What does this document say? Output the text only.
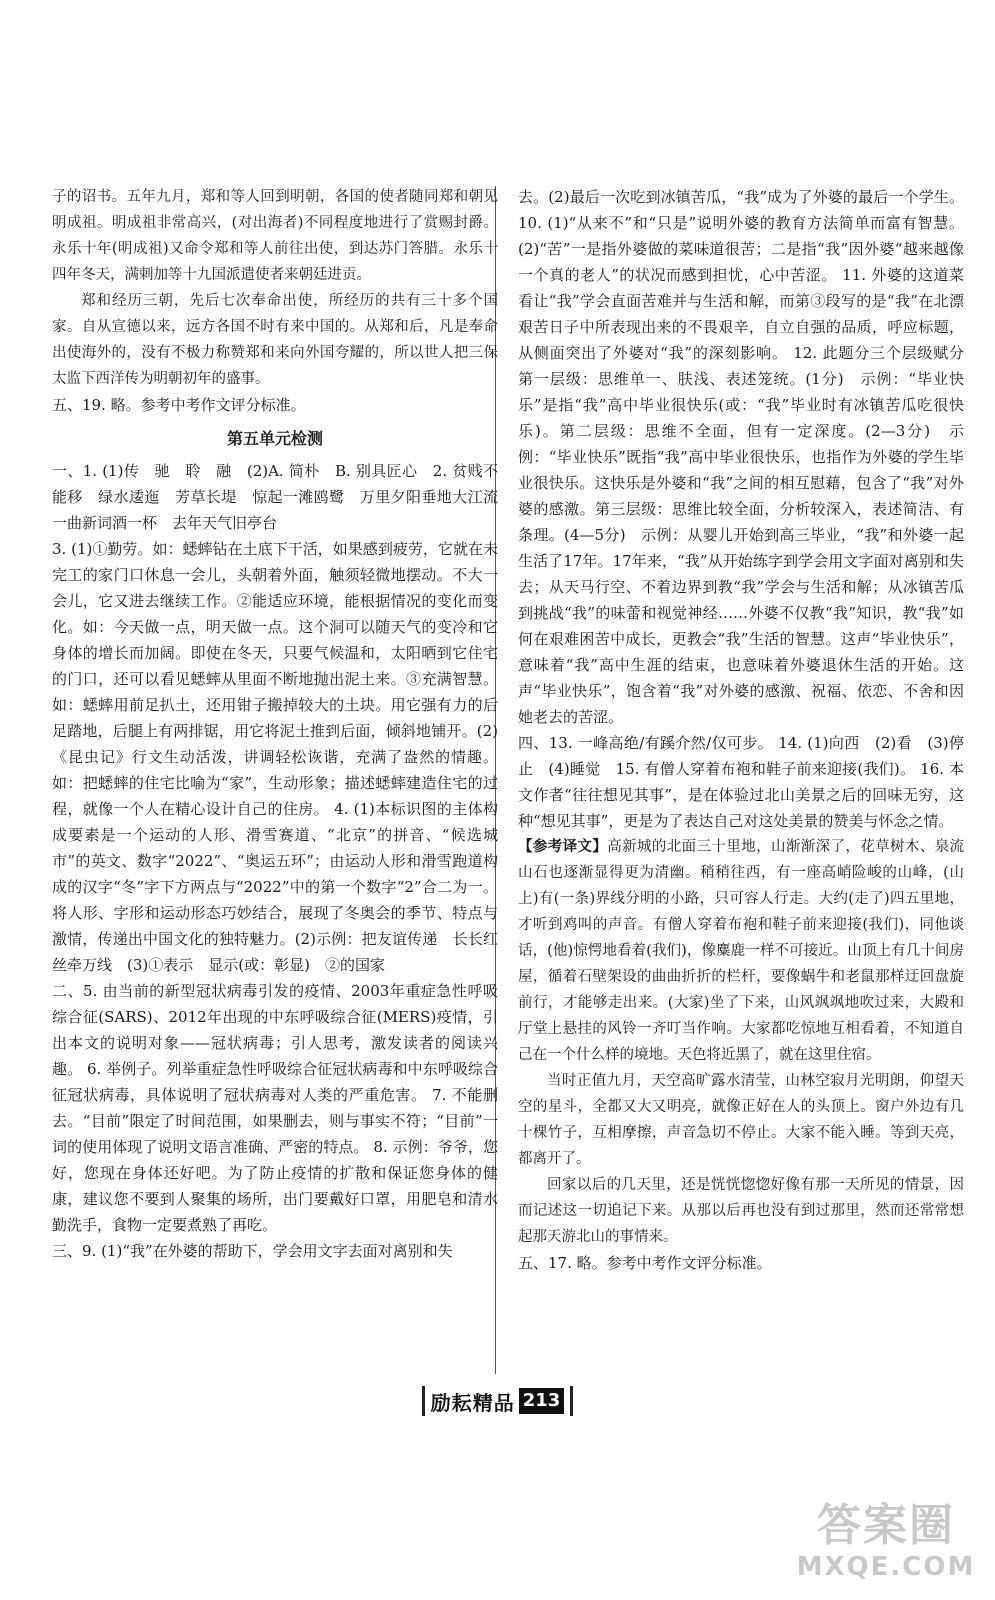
子的诏书。五年九月，郑和等人回到明朝，各国的使者随同郑和朝见明成祖。明成祖非常高兴，(对出海者)不同程度地进行了赏赐封爵。永乐十年(明成祖)又命令郑和等人前往出使，到达苏门答腊。永乐十四年冬天，满刺加等十九国派遣使者来朝廷进贡。

郑和经历三朝，先后七次奉命出使，所经历的共有三十多个国家。自从宣德以来，远方各国不时有来中国的。从郑和后，凡是奉命出使海外的，没有不极力称赞郑和来向外国夸耀的，所以世人把三保太监下西洋传为明朝初年的盛事。

五、19. 略。参考中考作文评分标准。

第五单元检测

一、1. (1)传　驰　聆　融　(2)A. 简朴　B. 别具匠心　2. 贫贱不能移　绿水逶迤　芳草长堤　惊起一滩鸥鹭　万里夕阳垂地大江流　一曲新词酒一杯　去年天气旧亭台

3. (1)①勤劳。如：蟋蟀钻在土底下干活，如果感到疲劳，它就在未完工的家门口休息一会儿，头朝着外面，触须轻微地摆动。不大一会儿，它又进去继续工作。②能适应环境，能根据情况的变化而变化。如：今天做一点，明天做一点。这个洞可以随天气的变冷和它身体的增长而加阔。即使在冬天，只要气候温和，太阳晒到它住宅的门口，还可以看见蟋蟀从里面不断地抛出泥土来。③充满智慧。如：蟋蟀用前足扒土，还用钳子搬掉较大的土块。用它强有力的后足踏地，后腿上有两排锯，用它将泥土推到后面，倾斜地铺开。(2)《昆虫记》行文生动活泼，讲调轻松诙谐，充满了盎然的情趣。如：把蟋蟀的住宅比喻为“家”，生动形象；描述蟋蟀建造住宅的过程，就像一个人在精心设计自己的住房。 4. (1)本标识图的主体构成要素是一个运动的人形、滑雪赛道、“北京”的拼音、“候选城市”的英文、数字“2022”、“奥运五环”；由运动人形和滑雪跑道构成的汉字“冬”字下方两点与“2022”中的第一个数字“2”合二为一。将人形、字形和运动形态巧妙结合，展现了冬奥会的季节、特点与激情，传递出中国文化的独特魅力。(2)示例：把友谊传递　长长红丝牵万线　(3)①表示　显示(或：彰显)　②的国家

二、5. 由当前的新型冠状病毒引发的疫情、2003年重症急性呼吸综合征(SARS)、2012年出现的中东呼吸综合征(MERS)疫情，引出本文的说明对象——冠状病毒；引人思考，激发读者的阅读兴趣。 6. 举例子。列举重症急性呼吸综合征冠状病毒和中东呼吸综合征冠状病毒，具体说明了冠状病毒对人类的严重危害。 7. 不能删去。“目前”限定了时间范围，如果删去，则与事实不符；“目前”一词的使用体现了说明文语言准确、严密的特点。 8. 示例：爷爷，您好，您现在身体还好吧。为了防止疫情的扩散和保证您身体的健康，建议您不要到人聚集的场所，出门要戴好口罩，用肥皂和清水勤洗手，食物一定要煮熟了再吃。

三、9. (1)“我”在外婆的帮助下，学会用文字去面对离别和失

去。(2)最后一次吃到冰镇苦瓜，“我”成为了外婆的最后一个学生。 10. (1)“从来不”和“只是”说明外婆的教育方法简单而富有智慧。(2)“苦”一是指外婆做的菜味道很苦；二是指“我”因外婆“越来越像一个真的老人”的状况而感到担忧，心中苦涩。 11. 外婆的这道菜看让“我”学会直面苦难并与生活和解，而第③段写的是“我”在北漂艰苦日子中所表现出来的不畏艰辛，自立自强的品质，呼应标题，从侧面突出了外婆对“我”的深刻影响。 12. 此题分三个层级赋分　第一层级：思维单一、肤浅、表述笼统。(1分)　示例：“毕业快乐”是指“我”高中毕业很快乐(或：“我”毕业时有冰镇苦瓜吃很快乐)。第二层级：思维不全面，但有一定深度。(2—3分)　示例：“毕业快乐”既指“我”高中毕业很快乐，也指作为外婆的学生毕业很快乐。这快乐是外婆和“我”之间的相互慰藉，包含了“我”对外婆的感激。第三层级：思维比较全面，分析较深入，表述简洁、有条理。(4—5分)　示例：从婴儿开始到高三毕业，“我”和外婆一起生活了17年。17年来，“我”从开始练字到学会用文字面对离别和失去；从天马行空、不着边界到教“我”学会与生活和解；从冰镇苦瓜到挑战“我”的味蕾和视觉神经……外婆不仅教“我”知识，教“我”如何在艰难困苦中成长，更教会“我”生活的智慧。这声“毕业快乐”，意味着“我”高中生涯的结束，也意味着外婆退休生活的开始。这声“毕业快乐”，饱含着“我”对外婆的感激、祝福、依恋、不舍和因她老去的苦涩。

四、13. 一峰高绝/有蹊介然/仅可步。 14. (1)向西　(2)看　(3)停止　(4)睡觉　15. 有僧人穿着布袍和鞋子前来迎接(我们)。 16. 本文作者“往往想见其事”，是在体验过北山美景之后的回味无穷，这种“想见其事”，更是为了表达自己对这处美景的赞美与怀念之情。

【参考译文】高新城的北面三十里地，山渐渐深了，花草树木、泉流山石也逐渐显得更为清幽。稍稍往西，有一座高峭险峻的山峰，(山上)有(一条)界线分明的小路，只可容人行走。大约(走了)四五里地，才听到鸡叫的声音。有僧人穿着布袍和鞋子前来迎接(我们)，同他谈话，(他)惊愕地看着(我们)，像麋鹿一样不可接近。山顶上有几十间房屋，循着石壁架设的曲曲折折的栏杆，要像蜗牛和老鼠那样迂回盘旋前行，才能够走出来。(大家)坐了下来，山风飒飒地吹过来，大殿和厅堂上悬挂的风铃一齐叮当作响。大家都吃惊地互相看着，不知道自己在一个什么样的境地。天色将近黑了，就在这里住宿。

当时正值九月，天空高旷露水清莹，山林空寂月光明朗，仰望天空的星斗，全都又大又明亮，就像正好在人的头顶上。窗户外边有几十棵竹子，互相摩擦，声音急切不停止。大家不能入睡。等到天亮，都离开了。

回家以后的几天里，还是恍恍惚惚好像有那一天所见的情景，因而记述这一切追记下来。从那以后再也没有到过那里，然而还常常想起那天游北山的事情来。

五、17. 略。参考中考作文评分标准。

励耘精品 213
答案圈
MXQE.COM
